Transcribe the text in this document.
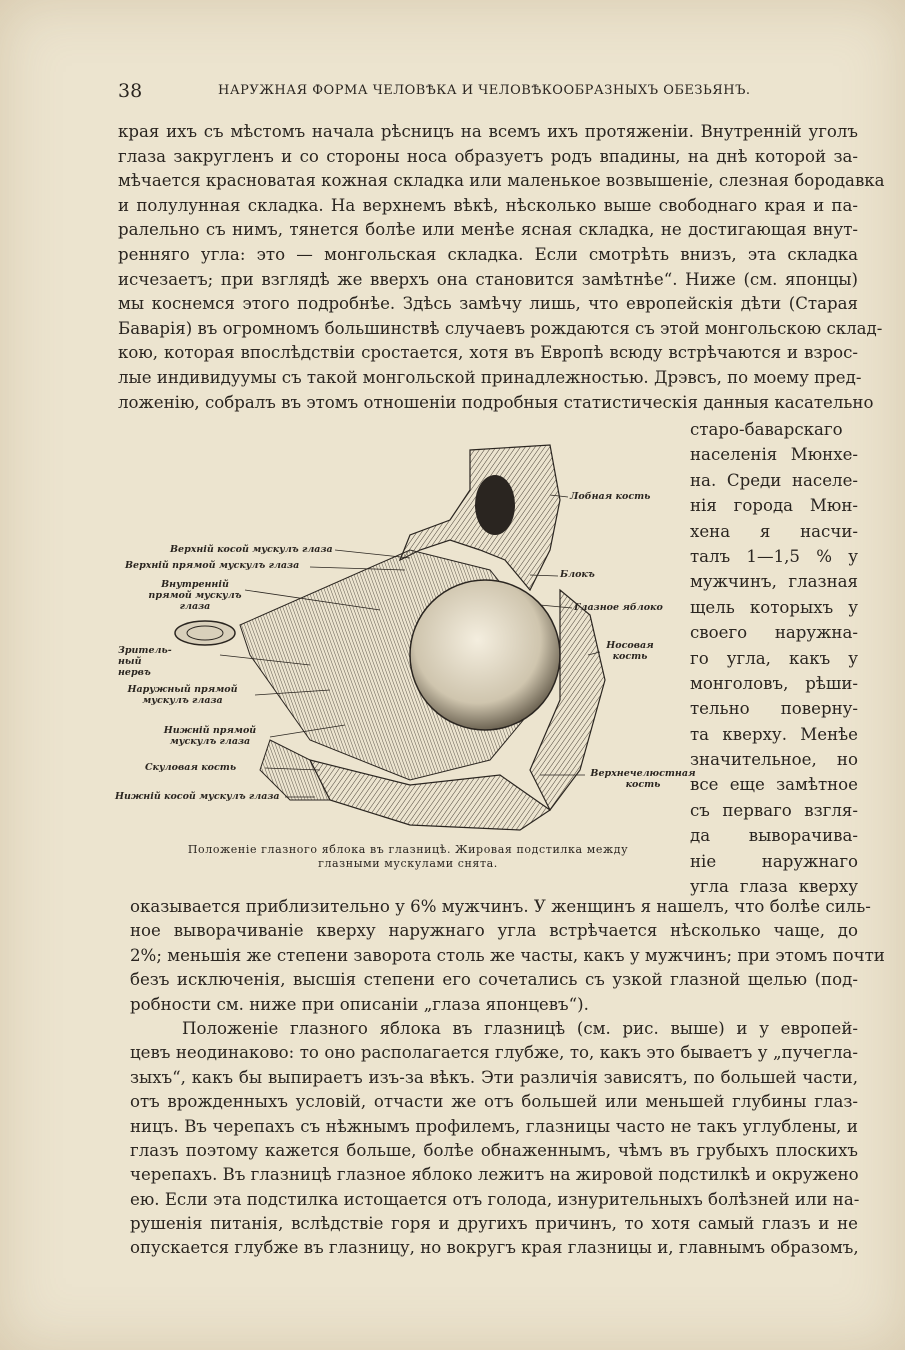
38	НАРУЖНАЯ ФОРМА ЧЕЛОВѢКА И ЧЕЛОВѢКООБРАЗНЫХЪ ОБЕЗЬЯНЪ.
края ихъ съ мѣстомъ начала рѣсницъ на всемъ ихъ протяженіи. Внутренній уголъ
глаза закругленъ и со стороны носа образуетъ родъ впадины, на днѣ которой за-
мѣчается красноватая кожная складка или маленькое возвышеніе, слезная бородавка
и полулунная складка. На верхнемъ вѣкѣ, нѣсколько выше свободнаго края и па-
ралельно съ нимъ, тянется болѣе или менѣе ясная складка, не достигающая внут-
ренняго угла: это — монгольская складка. Если смотрѣть внизъ, эта складка
исчезаетъ; при взглядѣ же вверхъ она становится замѣтнѣе“. Ниже (см. японцы)
мы коснемся этого подробнѣе. Здѣсь замѣчу лишь, что европейскія дѣти (Старая
Баварія) въ огромномъ большинствѣ случаевъ рождаются съ этой монгольскою склад-
кою, которая впослѣдствіи сростается, хотя въ Европѣ всюду встрѣчаются и взрос-
лые индивидуумы съ такой монгольской принадлежностью. Дрэвсъ, по моему пред-
ложенію, собралъ въ этомъ отношеніи подробныя статистическія данныя касательно
старо-баварскаго
населенія Мюнхе-
на. Среди населе-
нія города Мюн-
хена я насчи-
талъ 1—1,5 % у
мужчинъ, глазная
щель которыхъ у
своего наружна-
го угла, какъ у
монголовъ, рѣши-
тельно поверну-
та кверху. Менѣе
значительное, но
все еще замѣтное
съ перваго взгля-
да выворачива-
ніе наружнаго
угла глаза кверху
Лобная кость
Блокъ
Глазное яблоко
Носовая кость
Верхнечелюстная кость
Верхній косой мускулъ глаза
Верхній прямой мускулъ глаза
Внутренній прямой мускулъ глаза
Зритель- ный нервъ
Наружный прямой мускулъ глаза
Нижній прямой мускулъ глаза
Скуловая кость
Нижній косой мускулъ глаза
Положеніе глазного яблока въ глазницѣ. Жировая подстилка между
глазными мускулами снята.
оказывается приблизительно у 6% мужчинъ. У женщинъ я нашелъ, что болѣе силь-
ное выворачиваніе кверху наружнаго угла встрѣчается нѣсколько чаще, до
2%; меньшія же степени заворота столь же часты, какъ у мужчинъ; при этомъ почти
безъ исключенія, высшія степени его сочетались съ узкой глазной щелью (под-
робности см. ниже при описаніи „глаза японцевъ“).
Положеніе глазного яблока въ глазницѣ (см. рис. выше) и у европей-
цевъ неодинаково: то оно располагается глубже, то, какъ это бываетъ у „пучегла-
зыхъ“, какъ бы выпираетъ изъ-за вѣкъ. Эти различія зависятъ, по большей части,
отъ врожденныхъ условій, отчасти же отъ большей или меньшей глубины глаз-
ницъ. Въ черепахъ съ нѣжнымъ профилемъ, глазницы часто не такъ углублены, и
глазъ поэтому кажется больше, болѣе обнаженнымъ, чѣмъ въ грубыхъ плоскихъ
черепахъ. Въ глазницѣ глазное яблоко лежитъ на жировой подстилкѣ и окружено
ею. Если эта подстилка истощается отъ голода, изнурительныхъ болѣзней или на-
рушенія питанія, вслѣдствіе горя и другихъ причинъ, то хотя самый глазъ и не
опускается глубже въ глазницу, но вокругъ края глазницы и, главнымъ образомъ,
